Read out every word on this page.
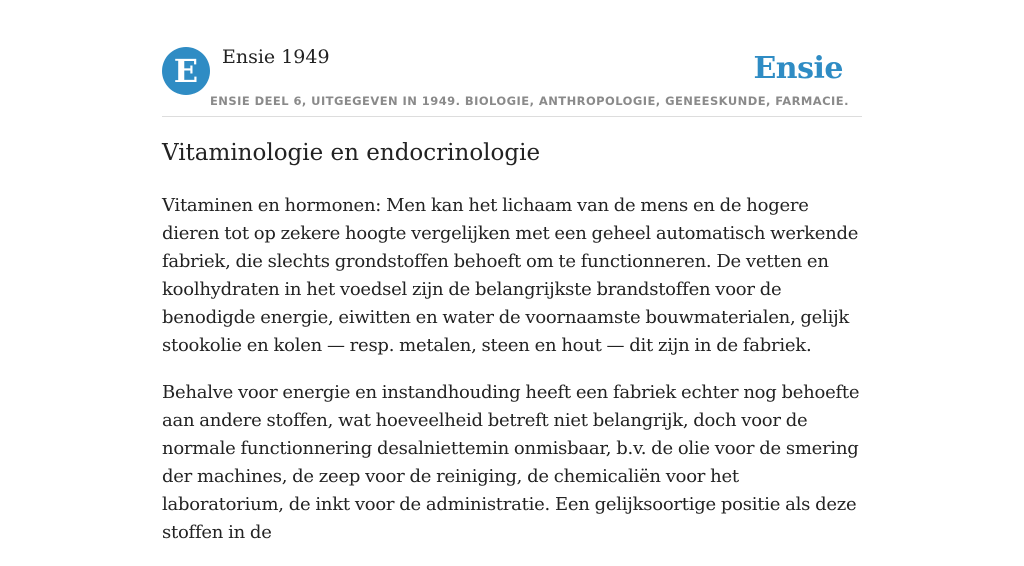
E Ensie 1949	Ensie
ENSIE DEEL 6, UITGEGEVEN IN 1949. BIOLOGIE, ANTHROPOLOGIE, GENEESKUNDE, FARMACIE.
Vitaminologie en endocrinologie

Vitaminen en hormonen: Men kan het lichaam van de mens en de hogere dieren tot op zekere hoogte vergelijken met een geheel automatisch werkende fabriek, die slechts grondstoffen behoeft om te functionneren. De vetten en koolhydraten in het voedsel zijn de belangrijkste brandstoffen voor de benodigde energie, eiwitten en water de voornaamste bouwmaterialen, gelijk stookolie en kolen — resp. metalen, steen en hout — dit zijn in de fabriek.

Behalve voor energie en instandhouding heeft een fabriek echter nog behoefte aan andere stoffen, wat hoeveelheid betreft niet belangrijk, doch voor de normale functionnering desalniettemin onmisbaar, b.v. de olie voor de smering der machines, de zeep voor de reiniging, de chemicaliën voor het laboratorium, de inkt voor de administratie. Een gelijksoortige positie als deze stoffen in de
